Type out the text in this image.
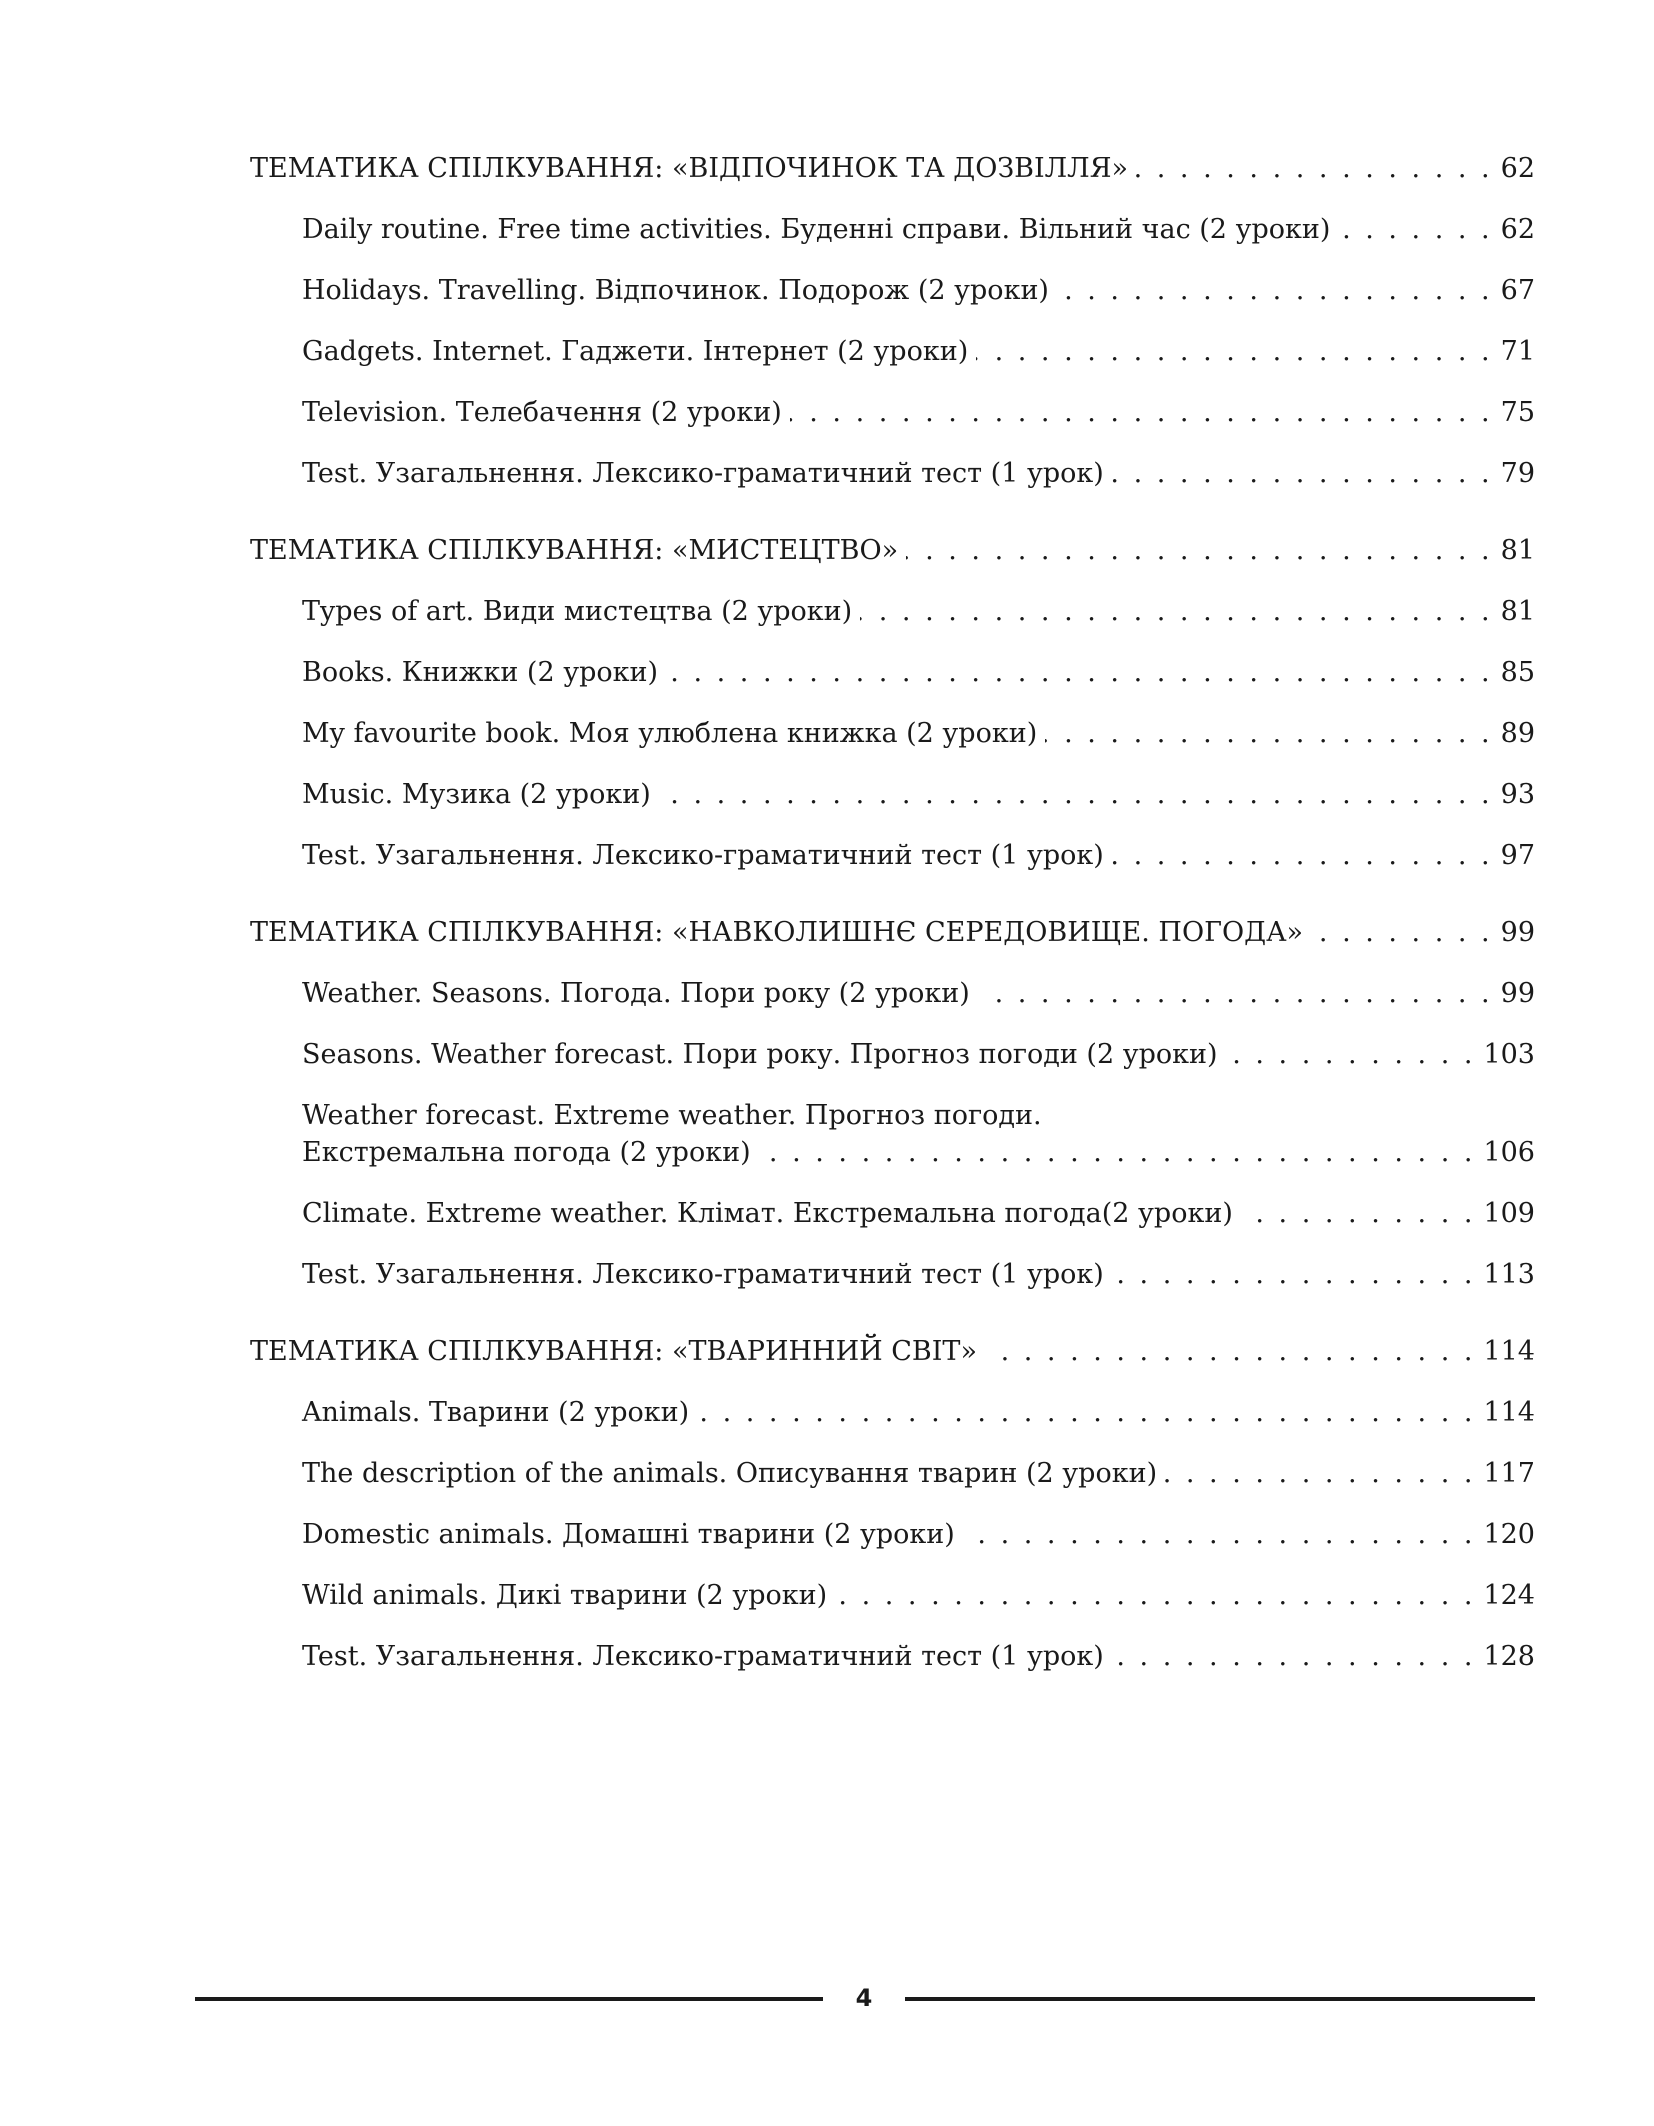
ТЕМАТИКА СПІЛКУВАННЯ: «ВІДПОЧИНОК ТА ДОЗВІЛЛЯ» . . .	62
Daily routine. Free time activities. Буденні справи. Вільний час (2 уроки) . . .	62
Holidays. Travelling. Відпочинок. Подорож (2 уроки) . . .	67
Gadgets. Internet. Гаджети. Інтернет (2 уроки) . . .	71
Television. Телебачення (2 уроки) . . .	75
Test. Узагальнення. Лексико-граматичний тест (1 урок) . . .	79
ТЕМАТИКА СПІЛКУВАННЯ: «МИСТЕЦТВО» . . .	81
Types of art. Види мистецтва (2 уроки) . . .	81
Books. Книжки (2 уроки) . . .	85
My favourite book. Моя улюблена книжка (2 уроки) . . .	89
Music. Музика (2 уроки) . . .	93
Test. Узагальнення. Лексико-граматичний тест (1 урок) . . .	97
ТЕМАТИКА СПІЛКУВАННЯ: «НАВКОЛИШНЄ СЕРЕДОВИЩЕ. ПОГОДА» . . .	99
Weather. Seasons. Погода. Пори року (2 уроки) . . .	99
Seasons. Weather forecast. Пори року. Прогноз погоди (2 уроки) . . .	103
Weather forecast. Extreme weather. Прогноз погоди.
Екстремальна погода (2 уроки) . . .	106
Climate. Extreme weather. Клімат. Екстремальна погода(2 уроки) . . .	109
Test. Узагальнення. Лексико-граматичний тест (1 урок) . . .	113
ТЕМАТИКА СПІЛКУВАННЯ: «ТВАРИННИЙ СВІТ» . . .	114
Animals. Тварини (2 уроки) . . .	114
The description of the animals. Описування тварин (2 уроки) . . .	117
Domestic animals. Домашні тварини (2 уроки) . . .	120
Wild animals. Дикі тварини (2 уроки) . . .	124
Test. Узагальнення. Лексико-граматичний тест (1 урок) . . .	128
4
